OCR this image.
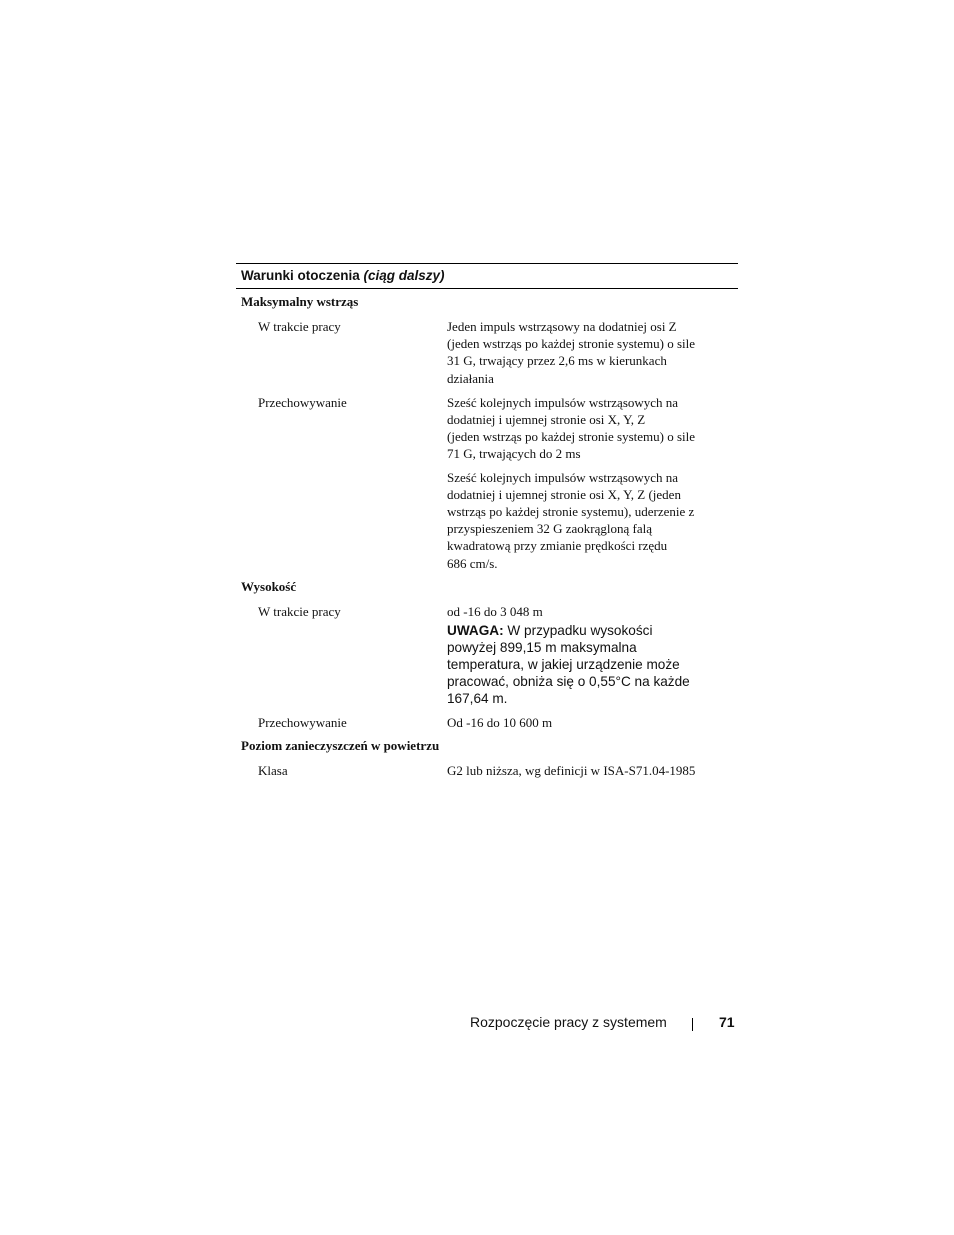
Warunki otoczenia (ciąg dalszy)
Maksymalny wstrząs
W trakcie pracy	Jeden impuls wstrząsowy na dodatniej osi Z
(jeden wstrząs po każdej stronie systemu) o sile
31 G, trwający przez 2,6 ms w kierunkach
działania
Przechowywanie	Sześć kolejnych impulsów wstrząsowych na
dodatniej i ujemnej stronie osi X, Y, Z
(jeden wstrząs po każdej stronie systemu) o sile
71 G, trwających do 2 ms
Sześć kolejnych impulsów wstrząsowych na
dodatniej i ujemnej stronie osi X, Y, Z (jeden
wstrząs po każdej stronie systemu), uderzenie z
przyspieszeniem 32 G zaokrągloną falą
kwadratową przy zmianie prędkości rzędu
686 cm/s.
Wysokość
W trakcie pracy	od -16 do 3 048 m
UWAGA: W przypadku wysokości
powyżej 899,15 m maksymalna
temperatura, w jakiej urządzenie może
pracować, obniża się o 0,55°C na każde
167,64 m.
Przechowywanie	Od -16 do 10 600 m
Poziom zanieczyszczeń w powietrzu
Klasa	G2 lub niższa, wg definicji w ISA-S71.04-1985
Rozpoczęcie pracy z systemem	71
